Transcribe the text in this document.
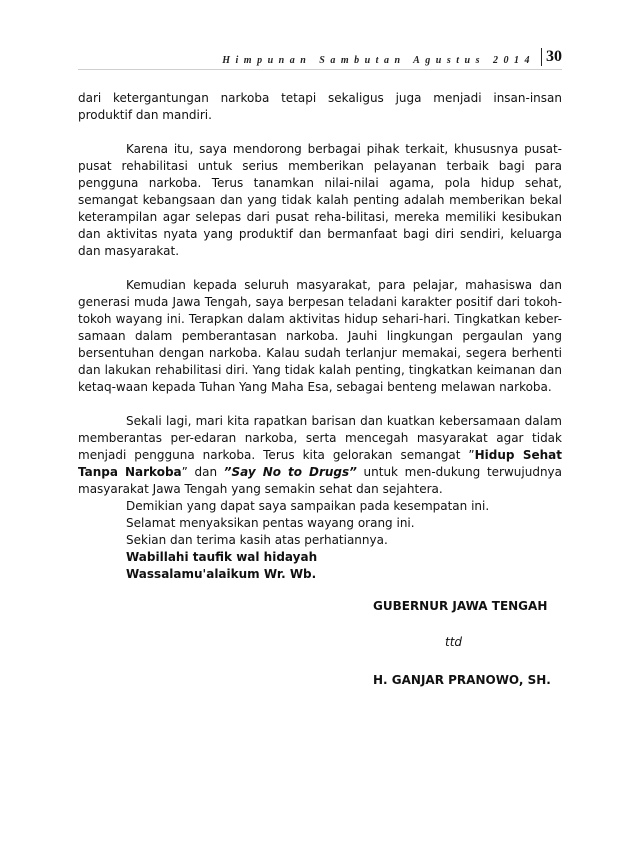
Himpunan Sambutan Agustus 2014 30

dari ketergantungan narkoba tetapi sekaligus juga menjadi insan-insan produktif dan mandiri.

Karena itu, saya mendorong berbagai pihak terkait, khususnya pusat-pusat rehabilitasi untuk serius memberikan pelayanan terbaik bagi para pengguna narkoba. Terus tanamkan nilai-nilai agama, pola hidup sehat, semangat kebangsaan dan yang tidak kalah penting adalah memberikan bekal keterampilan agar selepas dari pusat reha-bilitasi, mereka memiliki kesibukan dan aktivitas nyata yang produktif dan bermanfaat bagi diri sendiri, keluarga dan masyarakat.

Kemudian kepada seluruh masyarakat, para pelajar, mahasiswa dan generasi muda Jawa Tengah, saya berpesan teladani karakter positif dari tokoh-tokoh wayang ini. Terapkan dalam aktivitas hidup sehari-hari. Tingkatkan keber-samaan dalam pemberantasan narkoba. Jauhi lingkungan pergaulan yang bersentuhan dengan narkoba. Kalau sudah terlanjur memakai, segera berhenti dan lakukan rehabilitasi diri. Yang tidak kalah penting, tingkatkan keimanan dan ketaq-waan kepada Tuhan Yang Maha Esa, sebagai benteng melawan narkoba.

Sekali lagi, mari kita rapatkan barisan dan kuatkan kebersamaan dalam memberantas per-edaran narkoba, serta mencegah masyarakat agar tidak menjadi pengguna narkoba. Terus kita gelorakan semangat ”Hidup Sehat Tanpa Narkoba” dan ”Say No to Drugs” untuk men-dukung terwujudnya masyarakat Jawa Tengah yang semakin sehat dan sejahtera.

Demikian yang dapat saya sampaikan pada kesempatan ini.
Selamat menyaksikan pentas wayang orang ini.
Sekian dan terima kasih atas perhatiannya.
Wabillahi taufik wal hidayah
Wassalamu'alaikum Wr. Wb.
GUBERNUR JAWA TENGAH
ttd
H. GANJAR PRANOWO, SH.
